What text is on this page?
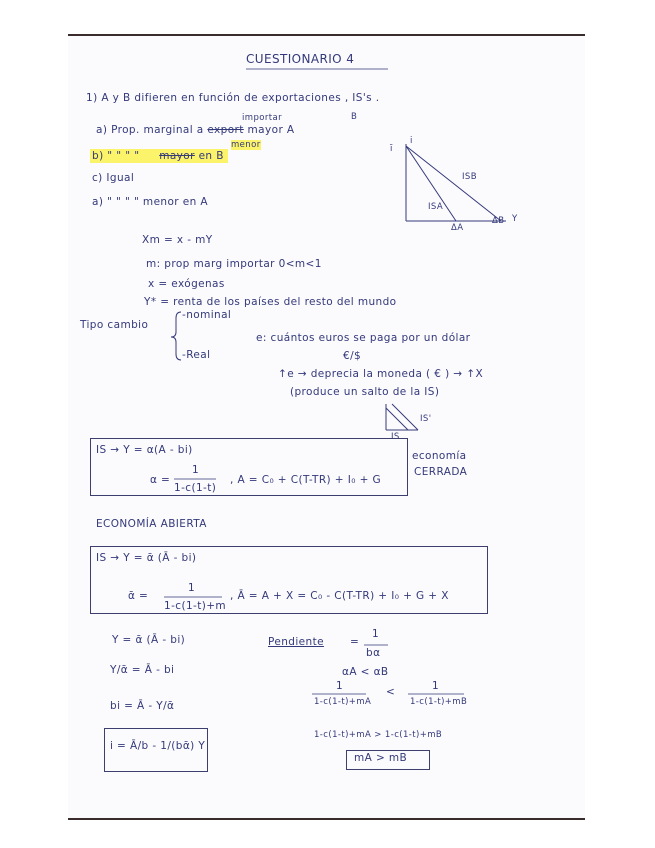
CUESTIONARIO 4
1) A y B difieren en función de exportaciones , IS's .
importar	B
a) Prop. marginal a export mayor A
menor
b) " " " " mayor en B
c) Igual
a) " " " " menor en A
i
ī
ISB
ISA
ΔA
ΔB Y
Xm = x - mY
m: prop marg importar 0<m<1
x = exógenas
Y* = renta de los países del resto del mundo
Tipo cambio
-nominal
-Real
e: cuántos euros se paga por un dólar
€/$
↑e → deprecia la moneda ( € ) → ↑X
(produce un salto de la IS)
IS'
IS
IS → Y = α(A - bi)
α =
1
1-c(1-t)
, A = C₀ + C(T-TR) + I₀ + G
economía
CERRADA
ECONOMÍA ABIERTA
IS → Y = ᾱ (Ā - bi)
ᾱ =
1
1-c(1-t)+m
, Ā = A + X = C₀ - C(T-TR) + I₀ + G + X
Y = ᾱ (Ā - bi)
Y/ᾱ = Ā - bi
bi = Ā - Y/ᾱ
i = Ā/b - 1/(bᾱ) Y
Pendiente =
1
bα
αA < αB
1
1-c(1-t)+mA
<	1
1-c(1-t)+mB
1-c(1-t)+mA > 1-c(1-t)+mB
mA > mB
